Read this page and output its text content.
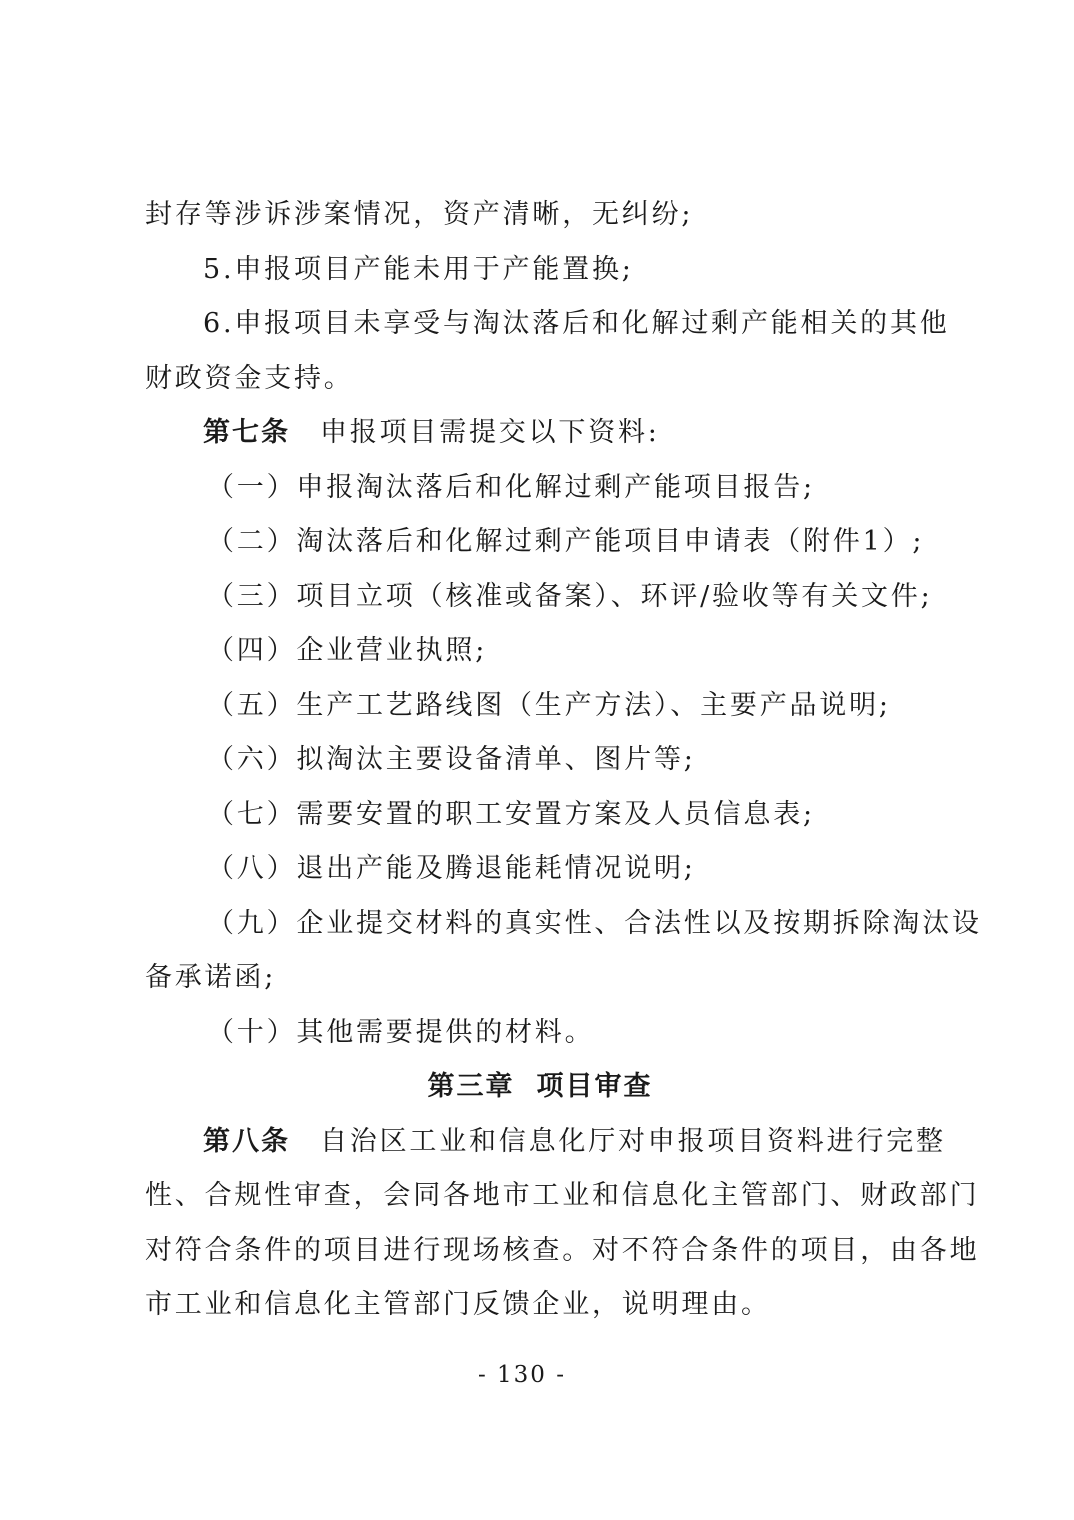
封存等涉诉涉案情况，资产清晰，无纠纷;
5.申报项目产能未用于产能置换;
6.申报项目未享受与淘汰落后和化解过剩产能相关的其他
财政资金支持。
第七条 申报项目需提交以下资料:
（一）申报淘汰落后和化解过剩产能项目报告;
（二）淘汰落后和化解过剩产能项目申请表（附件1）;
（三）项目立项（核准或备案）、环评/验收等有关文件;
（四）企业营业执照;
（五）生产工艺路线图（生产方法）、主要产品说明;
（六）拟淘汰主要设备清单、图片等;
（七）需要安置的职工安置方案及人员信息表;
（八）退出产能及腾退能耗情况说明;
（九）企业提交材料的真实性、合法性以及按期拆除淘汰设
备承诺函;
（十）其他需要提供的材料。
第三章 项目审查
第八条 自治区工业和信息化厅对申报项目资料进行完整
性、合规性审查，会同各地市工业和信息化主管部门、财政部门
对符合条件的项目进行现场核查。对不符合条件的项目，由各地
市工业和信息化主管部门反馈企业，说明理由。
- 130 -
